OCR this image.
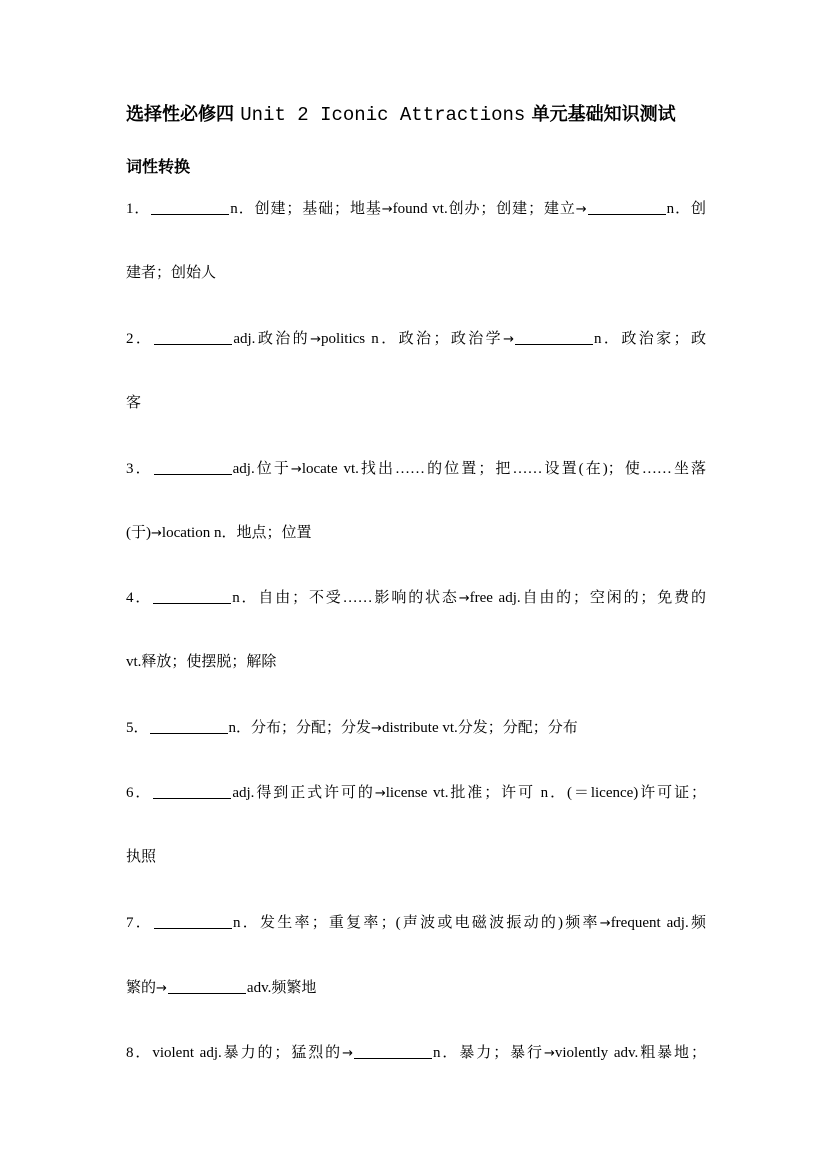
选择性必修四 Unit 2 Iconic Attractions 单元基础知识测试
词性转换
1．	n．创建；基础；地基→found vt.创办；创建；建立→	n．创
建者；创始人
2．	adj.政治的→politics n．政治；政治学→	n．政治家；政
客
3．	adj.位于→locate vt.找出……的位置；把……设置(在)；使……坐落
(于)→location n．地点；位置
4．	n．自由；不受……影响的状态→free adj.自由的；空闲的；免费的
vt.释放；使摆脱；解除
5．	n．分布；分配；分发→distribute vt.分发；分配；分布
6．	adj.得到正式许可的→license vt.批准；许可 n．(＝licence)许可证；
执照
7．	n．发生率；重复率；(声波或电磁波振动的)频率→frequent adj.频
繁的→	adv.频繁地
8．violent adj.暴力的；猛烈的→	n．暴力；暴行→violently adv.粗暴地；
